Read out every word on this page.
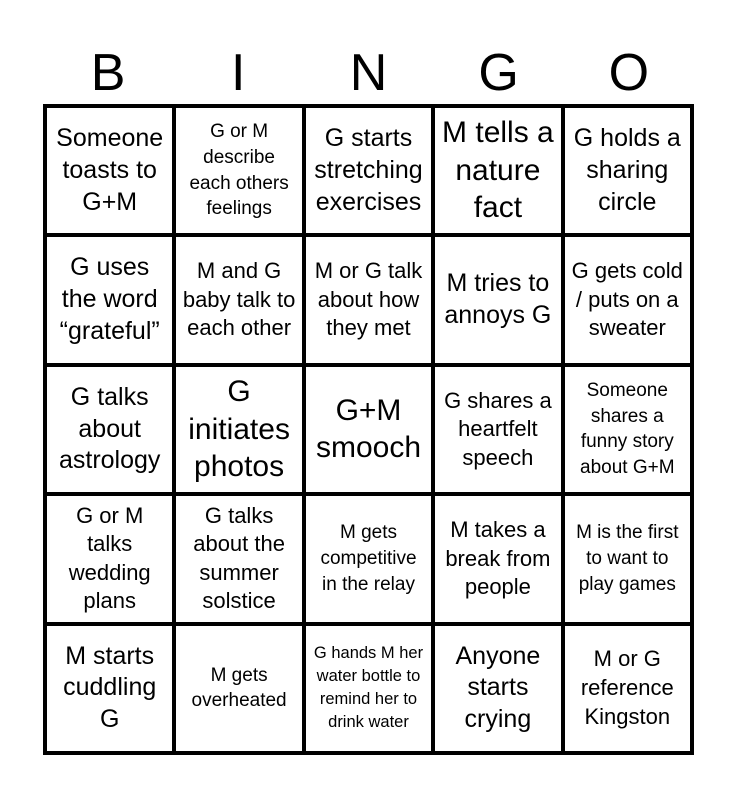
B	I	N	G	O
Someone toasts to G+M
G or M describe each others feelings
G starts stretching exercises
M tells a nature fact
G holds a sharing circle
G uses the word “grateful”
M and G baby talk to each other
M or G talk about how they met
M tries to annoys G
G gets cold / puts on a sweater
G talks about astrology
G initiates photos
G+M smooch
G shares a heartfelt speech
Someone shares a funny story about G+M
G or M talks wedding plans
G talks about the summer solstice
M gets competitive in the relay
M takes a break from people
M is the first to want to play games
M starts cuddling G
M gets overheated
G hands M her water bottle to remind her to drink water
Anyone starts crying
M or G reference Kingston
